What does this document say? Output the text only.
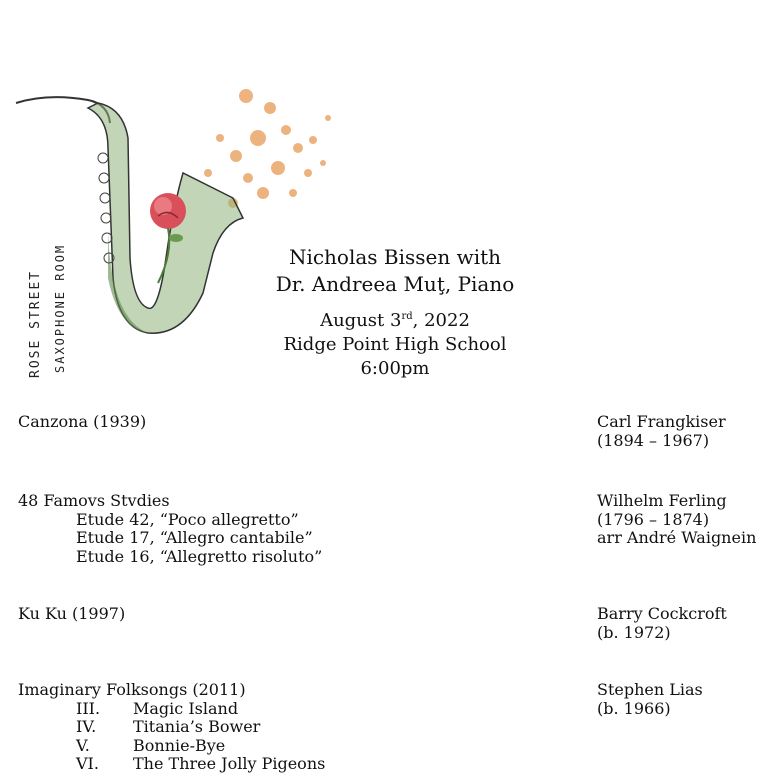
ROSE STREET SAXOPHONE ROOM	Nicholas Bissen with
Dr. Andreea Muţ, Piano
August 3rd, 2022
Ridge Point High School
6:00pm
Canzona (1939)	Carl Frangkiser
(1894 – 1967)
48 Famovs Stvdies
Etude 42, “Poco allegretto”
Etude 17, “Allegro cantabile”
Etude 16, “Allegretto risoluto”
Wilhelm Ferling
(1796 – 1874)
arr André Waignein
Ku Ku (1997)	Barry Cockcroft
(b. 1972)
Imaginary Folksongs (2011)
III.	Magic Island
IV.	Titania’s Bower
V.	Bonnie-Bye
VI.	The Three Jolly Pigeons
Stephen Lias
(b. 1966)
